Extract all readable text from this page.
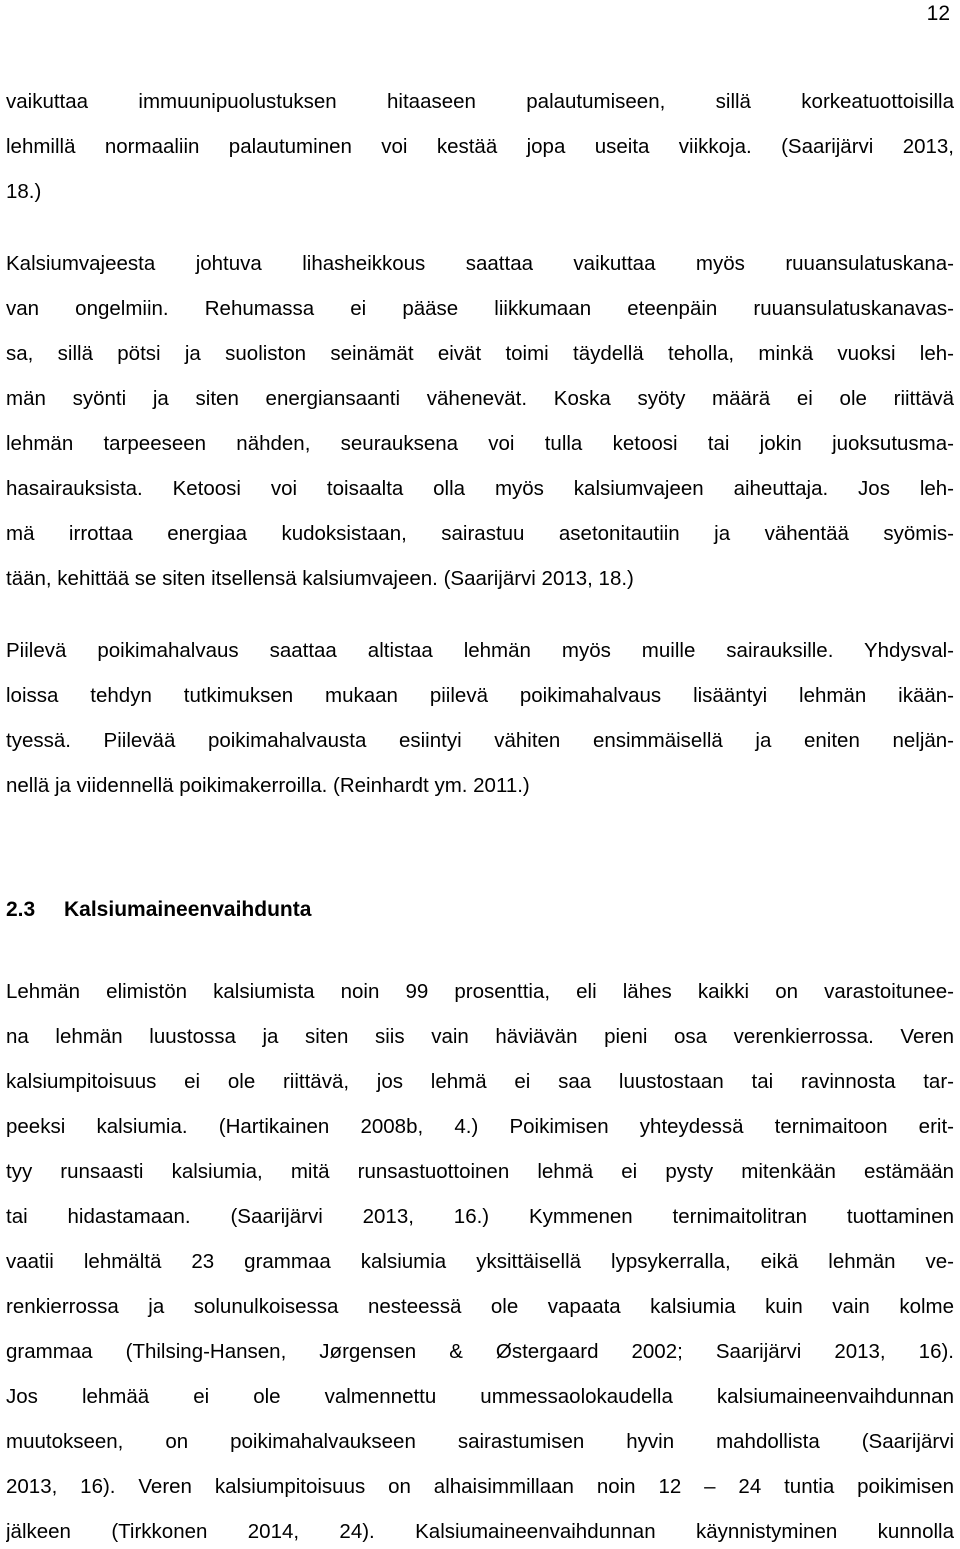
12
vaikuttaa immuunipuolustuksen hitaaseen palautumiseen, sillä korkeatuottoisilla
lehmillä normaaliin palautuminen voi kestää jopa useita viikkoja. (Saarijärvi 2013,
18.)
Kalsiumvajeesta johtuva lihasheikkous saattaa vaikuttaa myös ruuansulatuskana-
van ongelmiin. Rehumassa ei pääse liikkumaan eteenpäin ruuansulatuskanavas-
sa, sillä pötsi ja suoliston seinämät eivät toimi täydellä teholla, minkä vuoksi leh-
män syönti ja siten energiansaanti vähenevät. Koska syöty määrä ei ole riittävä
lehmän tarpeeseen nähden, seurauksena voi tulla ketoosi tai jokin juoksutusma-
hasairauksista. Ketoosi voi toisaalta olla myös kalsiumvajeen aiheuttaja. Jos leh-
mä irrottaa energiaa kudoksistaan, sairastuu asetonitautiin ja vähentää syömis-
tään, kehittää se siten itsellensä kalsiumvajeen. (Saarijärvi 2013, 18.)
Piilevä poikimahalvaus saattaa altistaa lehmän myös muille sairauksille. Yhdysval-
loissa tehdyn tutkimuksen mukaan piilevä poikimahalvaus lisääntyi lehmän ikään-
tyessä. Piilevää poikimahalvausta esiintyi vähiten ensimmäisellä ja eniten neljän-
nellä ja viidennellä poikimakerroilla. (Reinhardt ym. 2011.)
2.3 Kalsiumaineenvaihdunta
Lehmän elimistön kalsiumista noin 99 prosenttia, eli lähes kaikki on varastoitunee-
na lehmän luustossa ja siten siis vain häviävän pieni osa verenkierrossa. Veren
kalsiumpitoisuus ei ole riittävä, jos lehmä ei saa luustostaan tai ravinnosta tar-
peeksi kalsiumia. (Hartikainen 2008b, 4.) Poikimisen yhteydessä ternimaitoon erit-
tyy runsaasti kalsiumia, mitä runsastuottoinen lehmä ei pysty mitenkään estämään
tai hidastamaan. (Saarijärvi 2013, 16.) Kymmenen ternimaitolitran tuottaminen
vaatii lehmältä 23 grammaa kalsiumia yksittäisellä lypsykerralla, eikä lehmän ve-
renkierrossa ja solunulkoisessa nesteessä ole vapaata kalsiumia kuin vain kolme
grammaa (Thilsing-Hansen, Jørgensen & Østergaard 2002; Saarijärvi 2013, 16).
Jos lehmää ei ole valmennettu ummessaolokaudella kalsiumaineenvaihdunnan
muutokseen, on poikimahalvaukseen sairastumisen hyvin mahdollista (Saarijärvi
2013, 16). Veren kalsiumpitoisuus on alhaisimmillaan noin 12 – 24 tuntia poikimisen
jälkeen (Tirkkonen 2014, 24). Kalsiumaineenvaihdunnan käynnistyminen kunnolla
